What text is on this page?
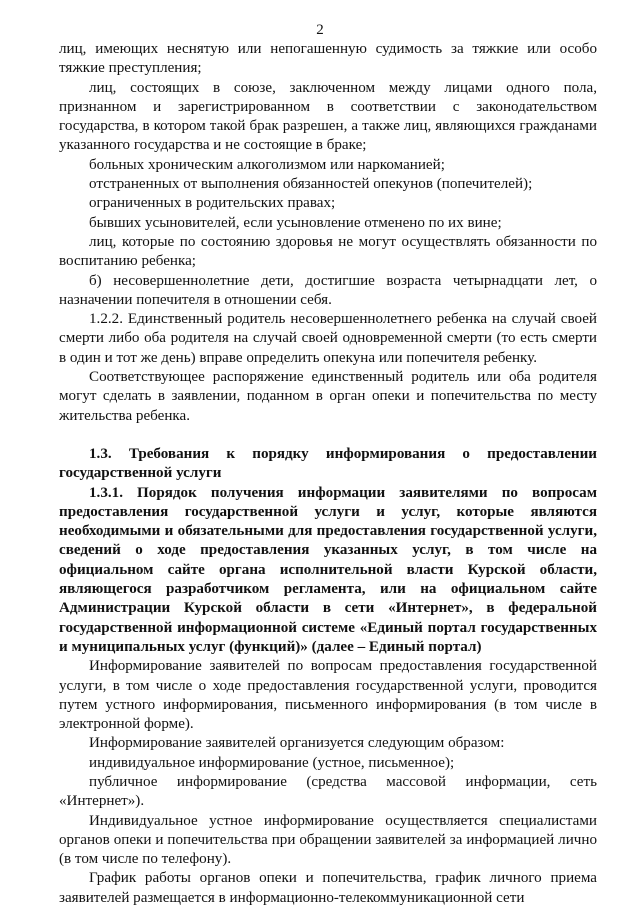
2

лиц, имеющих неснятую или непогашенную судимость за тяжкие или особо тяжкие преступления;

лиц, состоящих в союзе, заключенном между лицами одного пола, признанном и зарегистрированном в соответствии с законодательством государства, в котором такой брак разрешен, а также лиц, являющихся гражданами указанного государства и не состоящие в браке;

больных хроническим алкоголизмом или наркоманией;

отстраненных от выполнения обязанностей опекунов (попечителей);

ограниченных в родительских правах;

бывших усыновителей, если усыновление отменено по их вине;

лиц, которые по состоянию здоровья не могут осуществлять обязанности по воспитанию ребенка;

б) несовершеннолетние дети, достигшие возраста четырнадцати лет, о назначении попечителя в отношении себя.

1.2.2. Единственный родитель несовершеннолетнего ребенка на случай своей смерти либо оба родителя на случай своей одновременной смерти (то есть смерти в один и тот же день) вправе определить опекуна или попечителя ребенку.

Соответствующее распоряжение единственный родитель или оба родителя могут сделать в заявлении, поданном в орган опеки и попечительства по месту жительства ребенка.

1.3. Требования к порядку информирования о предоставлении государственной услуги

1.3.1. Порядок получения информации заявителями по вопросам предоставления государственной услуги и услуг, которые являются необходимыми и обязательными для предоставления государственной услуги, сведений о ходе предоставления указанных услуг, в том числе на официальном сайте органа исполнительной власти Курской области, являющегося разработчиком регламента, или на официальном сайте Администрации Курской области в сети «Интернет», в федеральной государственной информационной системе «Единый портал государственных и муниципальных услуг (функций)» (далее – Единый портал)

Информирование заявителей по вопросам предоставления государственной услуги, в том числе о ходе предоставления государственной услуги, проводится путем устного информирования, письменного информирования (в том числе в электронной форме).

Информирование заявителей организуется следующим образом:

индивидуальное информирование (устное, письменное);

публичное информирование (средства массовой информации, сеть «Интернет»).

Индивидуальное устное информирование осуществляется специалистами органов опеки и попечительства при обращении заявителей за информацией лично (в том числе по телефону).

График работы органов опеки и попечительства, график личного приема заявителей размещается в информационно-телекоммуникационной сети
